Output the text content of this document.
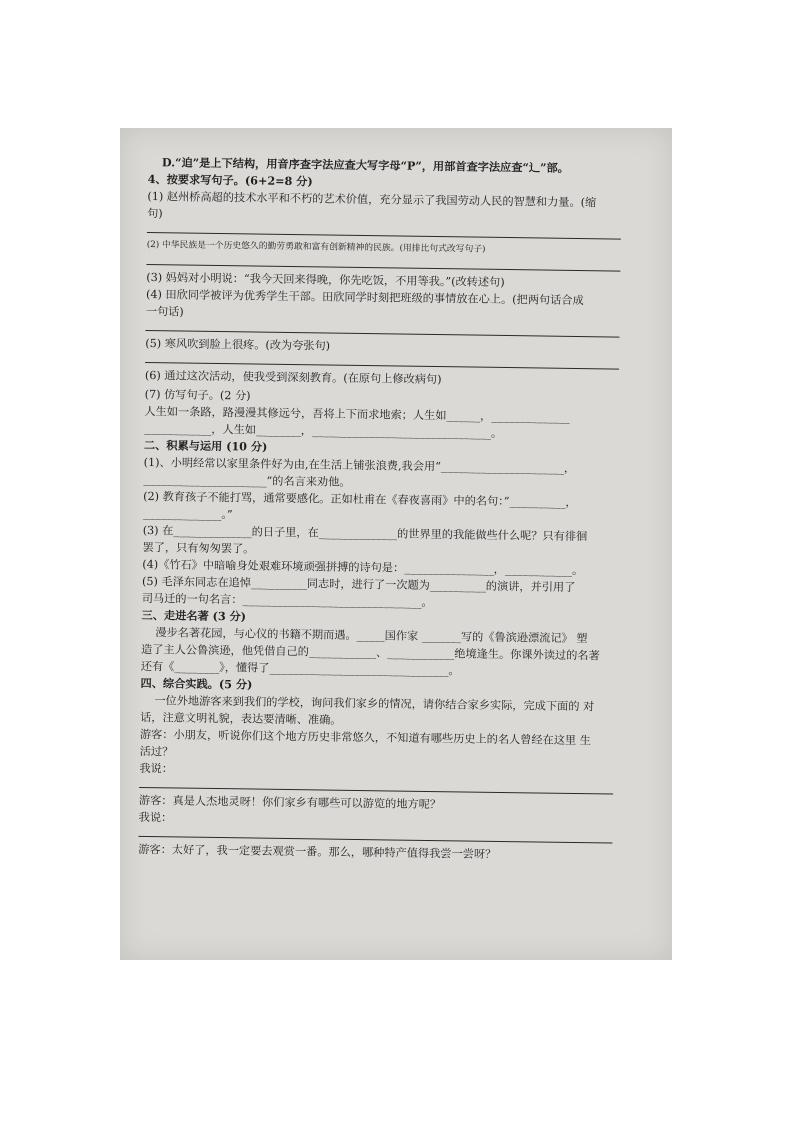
D.“迫”是上下结构，用音序查字法应查大写字母“P”，用部首查字法应查“辶”部。
4、按要求写句子。(6+2=8 分)
(1) 赵州桥高超的技术水平和不朽的艺术价值，充分显示了我国劳动人民的智慧和力量。(缩
句)
(2) 中华民族是一个历史悠久的勤劳勇敢和富有创新精神的民族。(用排比句式改写句子)
(3) 妈妈对小明说：“我今天回来得晚，你先吃饭，不用等我。”(改转述句)
(4) 田欣同学被评为优秀学生干部。田欣同学时刻把班级的事情放在心上。(把两句话合成
一句话)
(5) 寒风吹到脸上很疼。(改为夸张句)
(6) 通过这次活动，使我受到深刻教育。(在原句上修改病句)
(7) 仿写句子。(2 分)
人生如一条路，路漫漫其修远兮，吾将上下而求地索；人生如______，______________
____________，人生如________，________________________________。
二、积累与运用 (10 分)
(1)、小明经常以家里条件好为由,在生活上铺张浪费,我会用“______________________，
______________________”的名言来劝他。
(2) 教育孩子不能打骂，通常要感化。正如杜甫在《春夜喜雨》中的名句：”__________，
______________。”
(3) 在______________的日子里，在______________的世界里的我能做些什么呢？只有徘徊
罢了，只有匆匆罢了。
(4)《竹石》中暗喻身处艰难环境顽强拼搏的诗句是：________________，____________。
(5) 毛泽东同志在追悼__________同志时，进行了一次题为__________的演讲，并引用了
司马迁的一句名言：________________________________。
三、走进名著 (3 分)
漫步名著花园，与心仪的书籍不期而遇。_____国作家 _______写的《鲁滨逊漂流记》 塑
造了主人公鲁滨逊，他凭借自己的____________、____________绝境逢生。你课外读过的名著
还有《________》，懂得了________________________________。
四、综合实践。(5 分)
一位外地游客来到我们的学校，询问我们家乡的情况，请你结合家乡实际，完成下面的 对
话，注意文明礼貌，表达要清晰、准确。
游客：小朋友，听说你们这个地方历史非常悠久，不知道有哪些历史上的名人曾经在这里 生
活过？
我说：
游客：真是人杰地灵呀！你们家乡有哪些可以游览的地方呢？
我说：
游客：太好了，我一定要去观赏一番。那么，哪种特产值得我尝一尝呀？
